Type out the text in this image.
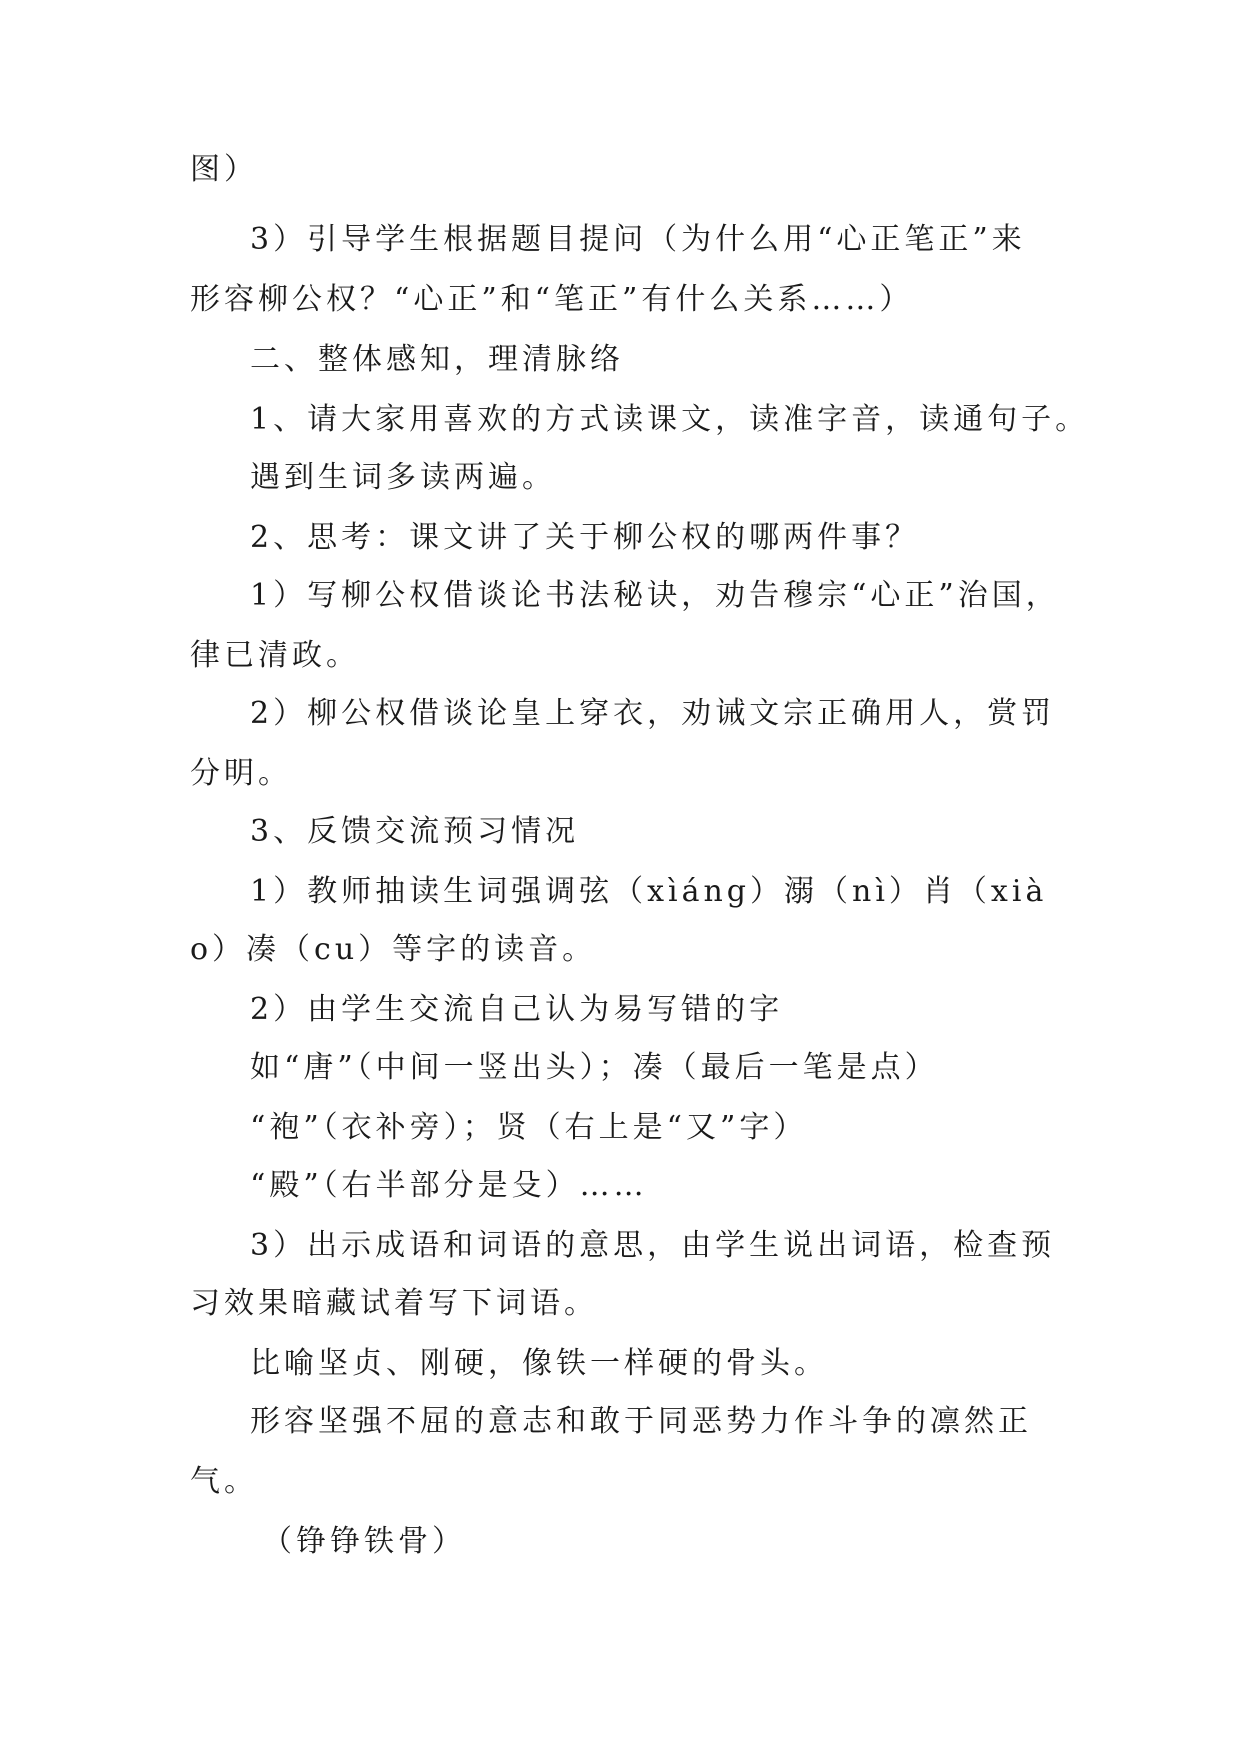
图）
3）引导学生根据题目提问（为什么用“心正笔正”来
形容柳公权？“心正”和“笔正”有什么关系……）
二、整体感知，理清脉络
1、请大家用喜欢的方式读课文，读准字音，读通句子。
遇到生词多读两遍。
2、思考：课文讲了关于柳公权的哪两件事？
1）写柳公权借谈论书法秘诀，劝告穆宗“心正”治国，
律已清政。
2）柳公权借谈论皇上穿衣，劝诫文宗正确用人，赏罚
分明。
3、反馈交流预习情况
1）教师抽读生词强调弦（xìáng）溺（nì）肖（xià
o）凑（cu）等字的读音。
2）由学生交流自己认为易写错的字
如“唐”（中间一竖出头）；凑（最后一笔是点）
“袍”（衣补旁）；贤（右上是“又”字）
“殿”（右半部分是殳）……
3）出示成语和词语的意思，由学生说出词语，检查预
习效果暗藏试着写下词语。
比喻坚贞、刚硬，像铁一样硬的骨头。
形容坚强不屈的意志和敢于同恶势力作斗争的凛然正
气。
（铮铮铁骨）
